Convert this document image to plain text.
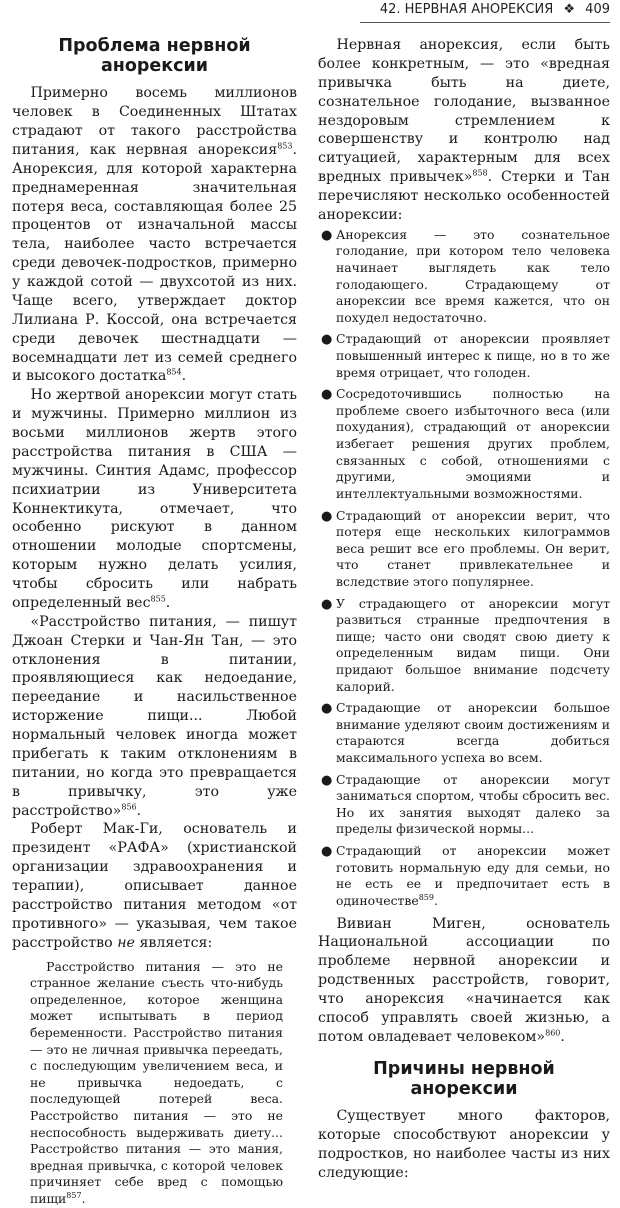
42. НЕРВНАЯ АНОРЕКСИЯ ❖ 409
Проблема нервной анорексии

Примерно восемь миллионов человек в Соединенных Штатах страдают от такого расстройства питания, как нервная анорексия$^{853}$. Анорексия, для которой характерна преднамеренная значительная потеря веса, составляющая более 25 процентов от изначальной массы тела, наиболее часто встречается среди девочек-подростков, примерно у каждой сотой — двухсотой из них. Чаще всего, утверждает доктор Лилиана Р. Коссой, она встречается среди девочек шестнадцати — восемнадцати лет из семей среднего и высокого достатка$^{854}$.

Но жертвой анорексии могут стать и мужчины. Примерно миллион из восьми миллионов жертв этого расстройства питания в США — мужчины. Синтия Адамс, профессор психиатрии из Университета Коннектикута, отмечает, что особенно рискуют в данном отношении молодые спортсмены, которым нужно делать усилия, чтобы сбросить или набрать определенный вес$^{855}$.

«Расстройство питания, — пишут Джоан Стерки и Чан-Ян Тан, — это отклонения в питании, проявляющиеся как недоедание, переедание и насильственное исторжение пищи... Любой нормальный человек иногда может прибегать к таким отклонениям в питании, но когда это превращается в привычку, это уже расстройство»$^{856}$.

Роберт Мак-Ги, основатель и президент «РАФА» (христианской организации здравоохранения и терапии), описывает данное расстройство питания методом «от противного» — указывая, чем такое расстройство не является:

Расстройство питания — это не странное желание съесть что-нибудь определенное, которое женщина может испытывать в период беременности. Расстройство питания — это не личная привычка переедать, с последующим увеличением веса, и не привычка недоедать, с последующей потерей веса. Расстройство питания — это не неспособность выдерживать диету... Расстройство питания — это мания, вредная привычка, с которой человек причиняет себе вред с помощью пищи$^{857}$.

Нервная анорексия, если быть более конкретным, — это «вредная привычка быть на диете, сознательное голодание, вызванное нездоровым стремлением к совершенству и контролю над ситуацией, характерным для всех вредных привычек»$^{858}$. Стерки и Тан перечисляют несколько особенностей анорексии:

● Анорексия — это сознательное голодание, при котором тело человека начинает выглядеть как тело голодающего. Страдающему от анорексии все время кажется, что он похудел недостаточно.
● Страдающий от анорексии проявляет повышенный интерес к пище, но в то же время отрицает, что голоден.
● Сосредоточившись полностью на проблеме своего избыточного веса (или похудания), страдающий от анорексии избегает решения других проблем, связанных с собой, отношениями с другими, эмоциями и интеллектуальными возможностями.
● Страдающий от анорексии верит, что потеря еще нескольких килограммов веса решит все его проблемы. Он верит, что станет привлекательнее и вследствие этого популярнее.
● У страдающего от анорексии могут развиться странные предпочтения в пище; часто они сводят свою диету к определенным видам пищи. Они придают большое внимание подсчету калорий.
● Страдающие от анорексии большое внимание уделяют своим достижениям и стараются всегда добиться максимального успеха во всем.
● Страдающие от анорексии могут заниматься спортом, чтобы сбросить вес. Но их занятия выходят далеко за пределы физической нормы...
● Страдающий от анорексии может готовить нормальную еду для семьи, но не есть ее и предпочитает есть в одиночестве$^{859}$.

Вивиан Миген, основатель Национальной ассоциации по проблеме нервной анорексии и родственных расстройств, говорит, что анорексия «начинается как способ управлять своей жизнью, а потом овладевает человеком»$^{860}$.

Причины нервной анорексии

Существует много факторов, которые способствуют анорексии у подростков, но наиболее часты из них следующие:
